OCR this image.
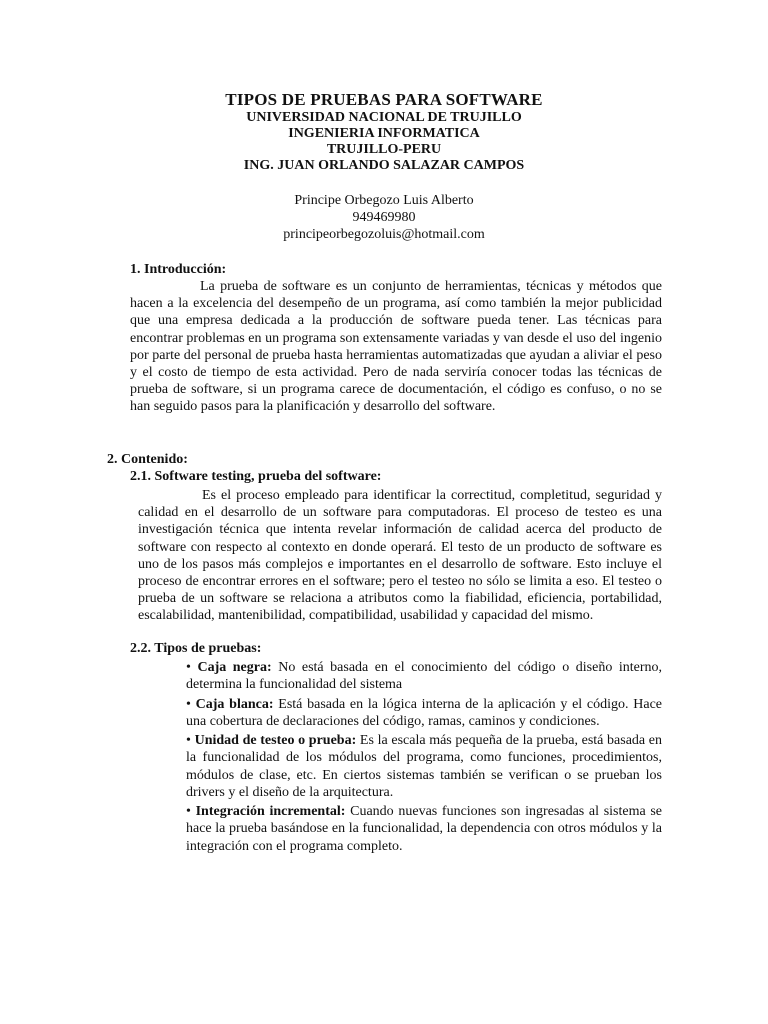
TIPOS DE PRUEBAS PARA SOFTWARE
UNIVERSIDAD NACIONAL DE TRUJILLO
INGENIERIA INFORMATICA
TRUJILLO-PERU
ING. JUAN ORLANDO SALAZAR CAMPOS
Principe Orbegozo Luis Alberto
949469980
principeorbegozoluis@hotmail.com
1. Introducción:
La prueba de software es un conjunto de herramientas, técnicas y métodos que hacen a la excelencia del desempeño de un programa, así como también la mejor publicidad que una empresa dedicada a la producción de software pueda tener. Las técnicas para encontrar problemas en un programa son extensamente variadas y van desde el uso del ingenio por parte del personal de prueba hasta herramientas automatizadas que ayudan a aliviar el peso y el costo de tiempo de esta actividad. Pero de nada serviría conocer todas las técnicas de prueba de software, si un programa carece de documentación, el código es confuso, o no se han seguido pasos para la planificación y desarrollo del software.
2. Contenido:
2.1. Software testing, prueba del software:
Es el proceso empleado para identificar la correctitud, completitud, seguridad y calidad en el desarrollo de un software para computadoras. El proceso de testeo es una investigación técnica que intenta revelar información de calidad acerca del producto de software con respecto al contexto en donde operará. El testo de un producto de software es uno de los pasos más complejos e importantes en el desarrollo de software. Esto incluye el proceso de encontrar errores en el software; pero el testeo no sólo se limita a eso. El testeo o prueba de un software se relaciona a atributos como la fiabilidad, eficiencia, portabilidad, escalabilidad, mantenibilidad, compatibilidad, usabilidad y capacidad del mismo.
2.2. Tipos de pruebas:
• Caja negra: No está basada en el conocimiento del código o diseño interno, determina la funcionalidad del sistema
• Caja blanca: Está basada en la lógica interna de la aplicación y el código. Hace una cobertura de declaraciones del código, ramas, caminos y condiciones.
• Unidad de testeo o prueba: Es la escala más pequeña de la prueba, está basada en la funcionalidad de los módulos del programa, como funciones, procedimientos, módulos de clase, etc. En ciertos sistemas también se verifican o se prueban los drivers y el diseño de la arquitectura.
• Integración incremental: Cuando nuevas funciones son ingresadas al sistema se hace la prueba basándose en la funcionalidad, la dependencia con otros módulos y la integración con el programa completo.
